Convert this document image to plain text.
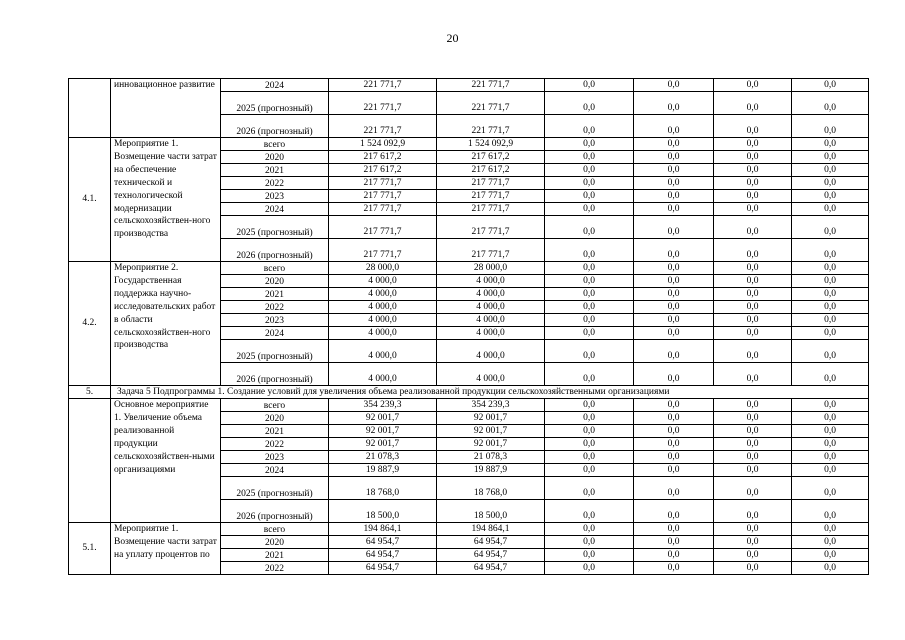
20
	инновационное развитие	2024	221 771,7	221 771,7	0,0	0,0	0,0	0,0
		2025 (прогнозный)	221 771,7	221 771,7	0,0	0,0	0,0	0,0
		2026 (прогнозный)	221 771,7	221 771,7	0,0	0,0	0,0	0,0
4.1.	Мероприятие 1. Возмещение части затрат на обеспечение технической и технологической модернизации сельскохозяйствен-ного производства	всего	1 524 092,9	1 524 092,9	0,0	0,0	0,0	0,0
		2020	217 617,2	217 617,2	0,0	0,0	0,0	0,0
		2021	217 617,2	217 617,2	0,0	0,0	0,0	0,0
		2022	217 771,7	217 771,7	0,0	0,0	0,0	0,0
		2023	217 771,7	217 771,7	0,0	0,0	0,0	0,0
		2024	217 771,7	217 771,7	0,0	0,0	0,0	0,0
		2025 (прогнозный)	217 771,7	217 771,7	0,0	0,0	0,0	0,0
		2026 (прогнозный)	217 771,7	217 771,7	0,0	0,0	0,0	0,0
4.2.	Мероприятие 2. Государственная поддержка научно-исследовательских работ в области сельскохозяйствен-ного производства	всего	28 000,0	28 000,0	0,0	0,0	0,0	0,0
		2020	4 000,0	4 000,0	0,0	0,0	0,0	0,0
		2021	4 000,0	4 000,0	0,0	0,0	0,0	0,0
		2022	4 000,0	4 000,0	0,0	0,0	0,0	0,0
		2023	4 000,0	4 000,0	0,0	0,0	0,0	0,0
		2024	4 000,0	4 000,0	0,0	0,0	0,0	0,0
		2025 (прогнозный)	4 000,0	4 000,0	0,0	0,0	0,0	0,0
		2026 (прогнозный)	4 000,0	4 000,0	0,0	0,0	0,0	0,0
5.	Задача 5 Подпрограммы 1. Создание условий для увеличения объема реализованной продукции сельскохозяйственными организациями							
	Основное мероприятие 1. Увеличение объема реализованной продукции сельскохозяйствен-ными организациями	всего	354 239,3	354 239,3	0,0	0,0	0,0	0,0
		2020	92 001,7	92 001,7	0,0	0,0	0,0	0,0
		2021	92 001,7	92 001,7	0,0	0,0	0,0	0,0
		2022	92 001,7	92 001,7	0,0	0,0	0,0	0,0
		2023	21 078,3	21 078,3	0,0	0,0	0,0	0,0
		2024	19 887,9	19 887,9	0,0	0,0	0,0	0,0
		2025 (прогнозный)	18 768,0	18 768,0	0,0	0,0	0,0	0,0
		2026 (прогнозный)	18 500,0	18 500,0	0,0	0,0	0,0	0,0
5.1.	Мероприятие 1. Возмещение части затрат на уплату процентов по	всего	194 864,1	194 864,1	0,0	0,0	0,0	0,0
		2020	64 954,7	64 954,7	0,0	0,0	0,0	0,0
		2021	64 954,7	64 954,7	0,0	0,0	0,0	0,0
		2022	64 954,7	64 954,7	0,0	0,0	0,0	0,0
